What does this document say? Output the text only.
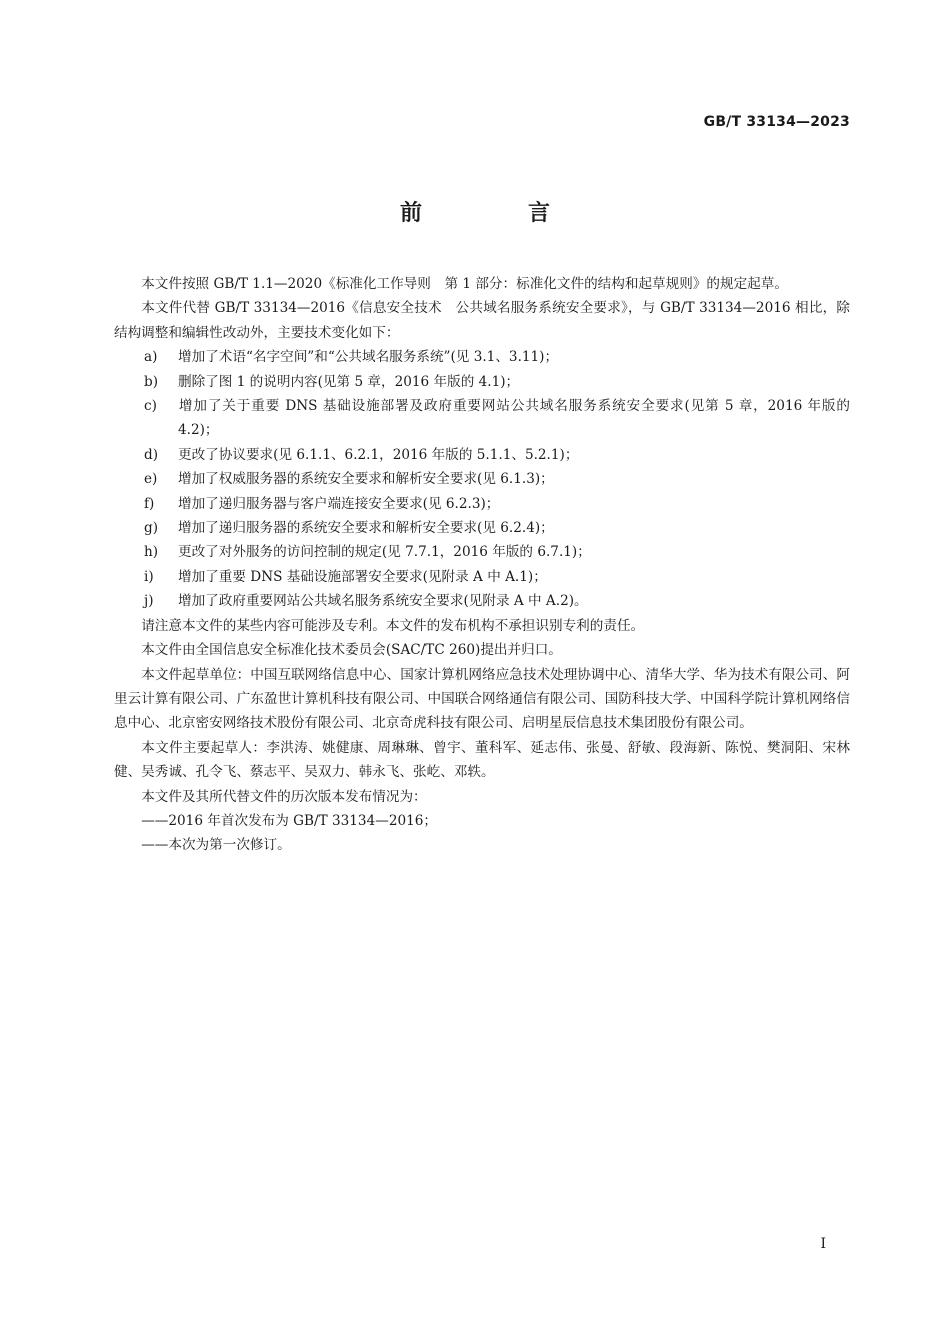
GB/T 33134—2023
前　言

本文件按照 GB/T 1.1—2020《标准化工作导则　第 1 部分：标准化文件的结构和起草规则》的规定起草。

本文件代替 GB/T 33134—2016《信息安全技术　公共域名服务系统安全要求》，与 GB/T 33134—2016 相比，除结构调整和编辑性改动外，主要技术变化如下：

a) 增加了术语“名字空间”和“公共域名服务系统”(见 3.1、3.11)；

b) 删除了图 1 的说明内容(见第 5 章，2016 年版的 4.1)；

c) 增加了关于重要 DNS 基础设施部署及政府重要网站公共域名服务系统安全要求(见第 5 章，2016 年版的 4.2)；

d) 更改了协议要求(见 6.1.1、6.2.1，2016 年版的 5.1.1、5.2.1)；

e) 增加了权威服务器的系统安全要求和解析安全要求(见 6.1.3)；

f) 增加了递归服务器与客户端连接安全要求(见 6.2.3)；

g) 增加了递归服务器的系统安全要求和解析安全要求(见 6.2.4)；

h) 更改了对外服务的访问控制的规定(见 7.7.1，2016 年版的 6.7.1)；

i) 增加了重要 DNS 基础设施部署安全要求(见附录 A 中 A.1)；

j) 增加了政府重要网站公共域名服务系统安全要求(见附录 A 中 A.2)。

请注意本文件的某些内容可能涉及专利。本文件的发布机构不承担识别专利的责任。

本文件由全国信息安全标准化技术委员会(SAC/TC 260)提出并归口。

本文件起草单位：中国互联网络信息中心、国家计算机网络应急技术处理协调中心、清华大学、华为技术有限公司、阿里云计算有限公司、广东盈世计算机科技有限公司、中国联合网络通信有限公司、国防科技大学、中国科学院计算机网络信息中心、北京密安网络技术股份有限公司、北京奇虎科技有限公司、启明星辰信息技术集团股份有限公司。

本文件主要起草人：李洪涛、姚健康、周琳琳、曾宇、董科军、延志伟、张曼、舒敏、段海新、陈悦、樊洞阳、宋林健、吴秀诚、孔令飞、蔡志平、吴双力、韩永飞、张屹、邓轶。

本文件及其所代替文件的历次版本发布情况为：

——2016 年首次发布为 GB/T 33134—2016；

——本次为第一次修订。

Ⅰ
